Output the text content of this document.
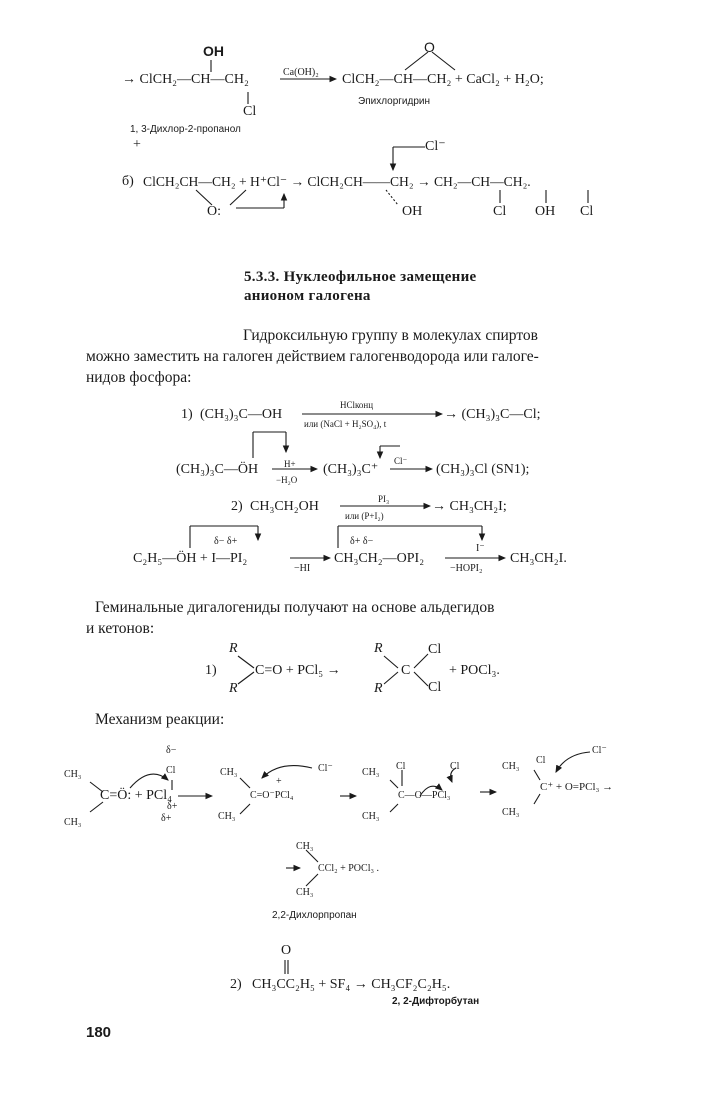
OH
→ ClCH₂—CH—CH₂
Cl
Ca(OH)₂
O
ClCH₂—CH—CH₂ + CaCl₂ + H₂O;
Эпихлоргидрин
1, 3-Дихлор-2-пропанол
+	Cl⁻
б) ClCH₂CH—CH₂ + H⁺Cl⁻ → ClCH₂CH——CH₂ → CH₂—CH—CH₂.
O:	OH	Cl OH Cl
5.3.3. Нуклеофильное замещение
анионом галогена
Гидроксильную группу в молекулах спиртов
можно заместить на галоген действием галогенводорода или галоге-
нидов фосфора:
1) (CH₃)₃C—OH
HClконц
или (NaCl + H₂SO₄), t
→ (CH₃)₃C—Cl;
(CH₃)₃C—ÖH	H+
−H₂O
(CH₃)₃C⁺
Cl⁻
(CH₃)₃Cl (SN1);
2) CH₃CH₂OH	PI₃
или (P+I₂)
→ CH₃CH₂I;
C₂H₅—ÖH + I—PI₂
δ− δ+
−HI
CH₃CH₂—OPI₂
δ+ δ−
I⁻
−HOPI₂
CH₃CH₂I.
Геминальные дигалогениды получают на основе альдегидов
и кетонов:
1)
R
R
C=O + PCl₅ →
R
R
C
Cl
Cl
+ POCl₃.
Механизм реакции:
δ−
Cl
CH₃
CH₃
C=Ö: + PCl₄
δ+
δ+
CH₃
CH₃
+
Cl⁻
C=O⁻PCl₄
CH₃
Cl	Cl
C—O—PCl₃
CH₃
CH₃
Cl
Cl⁻
C⁺ + O=PCl₃ →
CH₃
CH₃
CCl₂ + POCl₃ .
CH₃
2,2-Дихлорпропан
O
2) CH₃CC₂H₅ + SF₄ → CH₃CF₂C₂H₅.
2, 2-Дифторбутан
180
